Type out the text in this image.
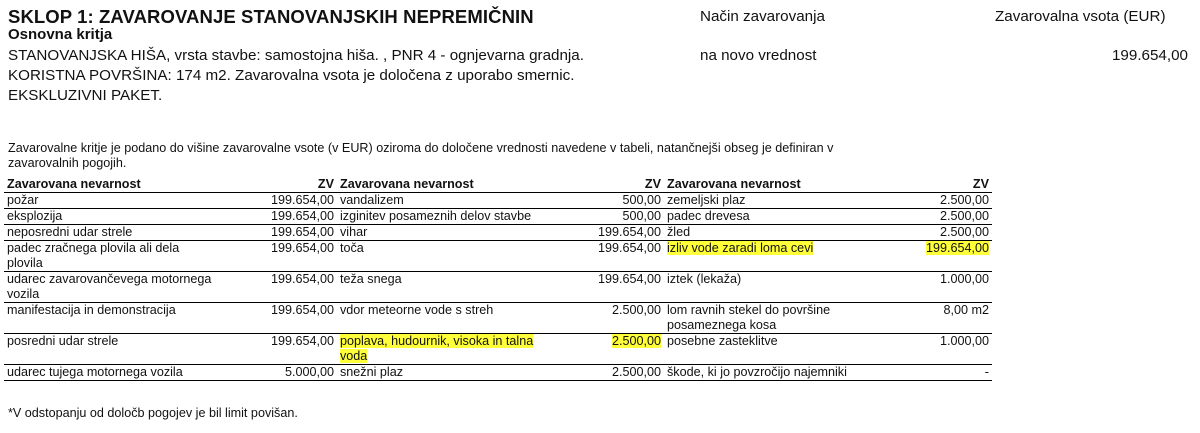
SKLOP 1: ZAVAROVANJE STANOVANJSKIH NEPREMIČNIN	Način zavarovanja	Zavarovalna vsota (EUR)
Osnovna kritja
STANOVANJSKA HIŠA, vrsta stavbe: samostojna hiša. , PNR 4 - ognjevarna gradnja.
KORISTNA POVRŠINA: 174 m2. Zavarovalna vsota je določena z uporabo smernic.
EKSKLUZIVNI PAKET.
na novo vrednost	199.654,00
Zavarovalne kritje je podano do višine zavarovalne vsote (v EUR) oziroma do določene vrednosti navedene v tabeli, natančnejši obseg je definiran v
zavarovalnih pogojih.
Zavarovana nevarnost	ZV	Zavarovana nevarnost	ZV	Zavarovana nevarnost	ZV
požar	199.654,00	vandalizem	500,00	zemeljski plaz	2.500,00
eksplozija	199.654,00	izginitev posameznih delov stavbe	500,00	padec drevesa	2.500,00
neposredni udar strele	199.654,00	vihar	199.654,00	žled	2.500,00
padec zračnega plovila ali dela plovila	199.654,00	toča	199.654,00	izliv vode zaradi loma cevi	199.654,00
udarec zavarovančevega motornega vozila	199.654,00	teža snega	199.654,00	iztek (lekaža)	1.000,00
manifestacija in demonstracija	199.654,00	vdor meteorne vode s streh	2.500,00	lom ravnih stekel do površine posameznega kosa	8,00 m2
posredni udar strele	199.654,00	poplava, hudournik, visoka in talna voda	2.500,00	posebne zasteklitve	1.000,00
udarec tujega motornega vozila	5.000,00	snežni plaz	2.500,00	škode, ki jo povzročijo najemniki	-
*V odstopanju od določb pogojev je bil limit povišan.
